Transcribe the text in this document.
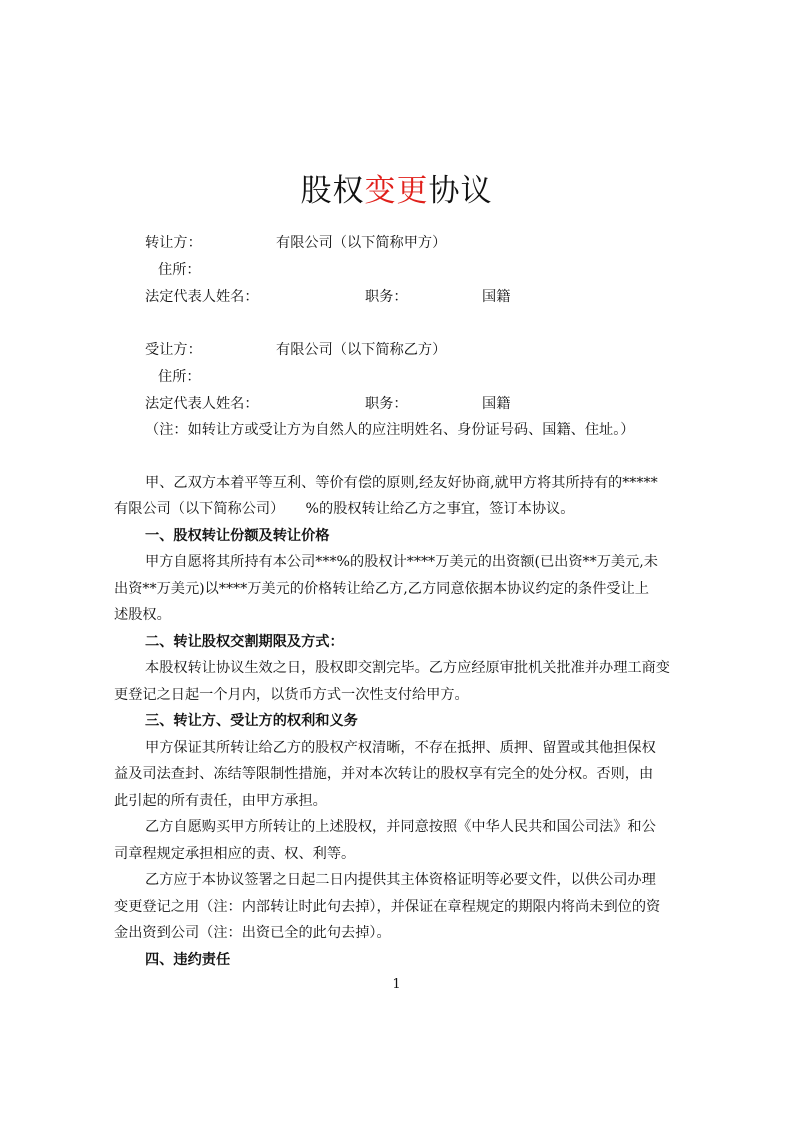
股权变更协议
转让方：	有限公司（以下简称甲方）
住所：
法定代表人姓名：	职务：	国籍
受让方：	有限公司（以下简称乙方）
住所：
法定代表人姓名：	职务：	国籍
（注：如转让方或受让方为自然人的应注明姓名、身份证号码、国籍、住址。）
甲、乙双方本着平等互利、等价有偿的原则,经友好协商,就甲方将其所持有的*****
有限公司（以下简称公司）　　%的股权转让给乙方之事宜，签订本协议。
一、股权转让份额及转让价格
甲方自愿将其所持有本公司***%的股权计****万美元的出资额(已出资**万美元,未
出资**万美元)以****万美元的价格转让给乙方,乙方同意依据本协议约定的条件受让上
述股权。
二、转让股权交割期限及方式：
本股权转让协议生效之日，股权即交割完毕。乙方应经原审批机关批准并办理工商变
更登记之日起一个月内，以货币方式一次性支付给甲方。
三、转让方、受让方的权利和义务
甲方保证其所转让给乙方的股权产权清晰，不存在抵押、质押、留置或其他担保权
益及司法查封、冻结等限制性措施，并对本次转让的股权享有完全的处分权。否则，由
此引起的所有责任，由甲方承担。
乙方自愿购买甲方所转让的上述股权，并同意按照《中华人民共和国公司法》和公
司章程规定承担相应的责、权、利等。
乙方应于本协议签署之日起二日内提供其主体资格证明等必要文件，以供公司办理
变更登记之用（注：内部转让时此句去掉），并保证在章程规定的期限内将尚未到位的资
金出资到公司（注：出资已全的此句去掉）。
四、违约责任
1
